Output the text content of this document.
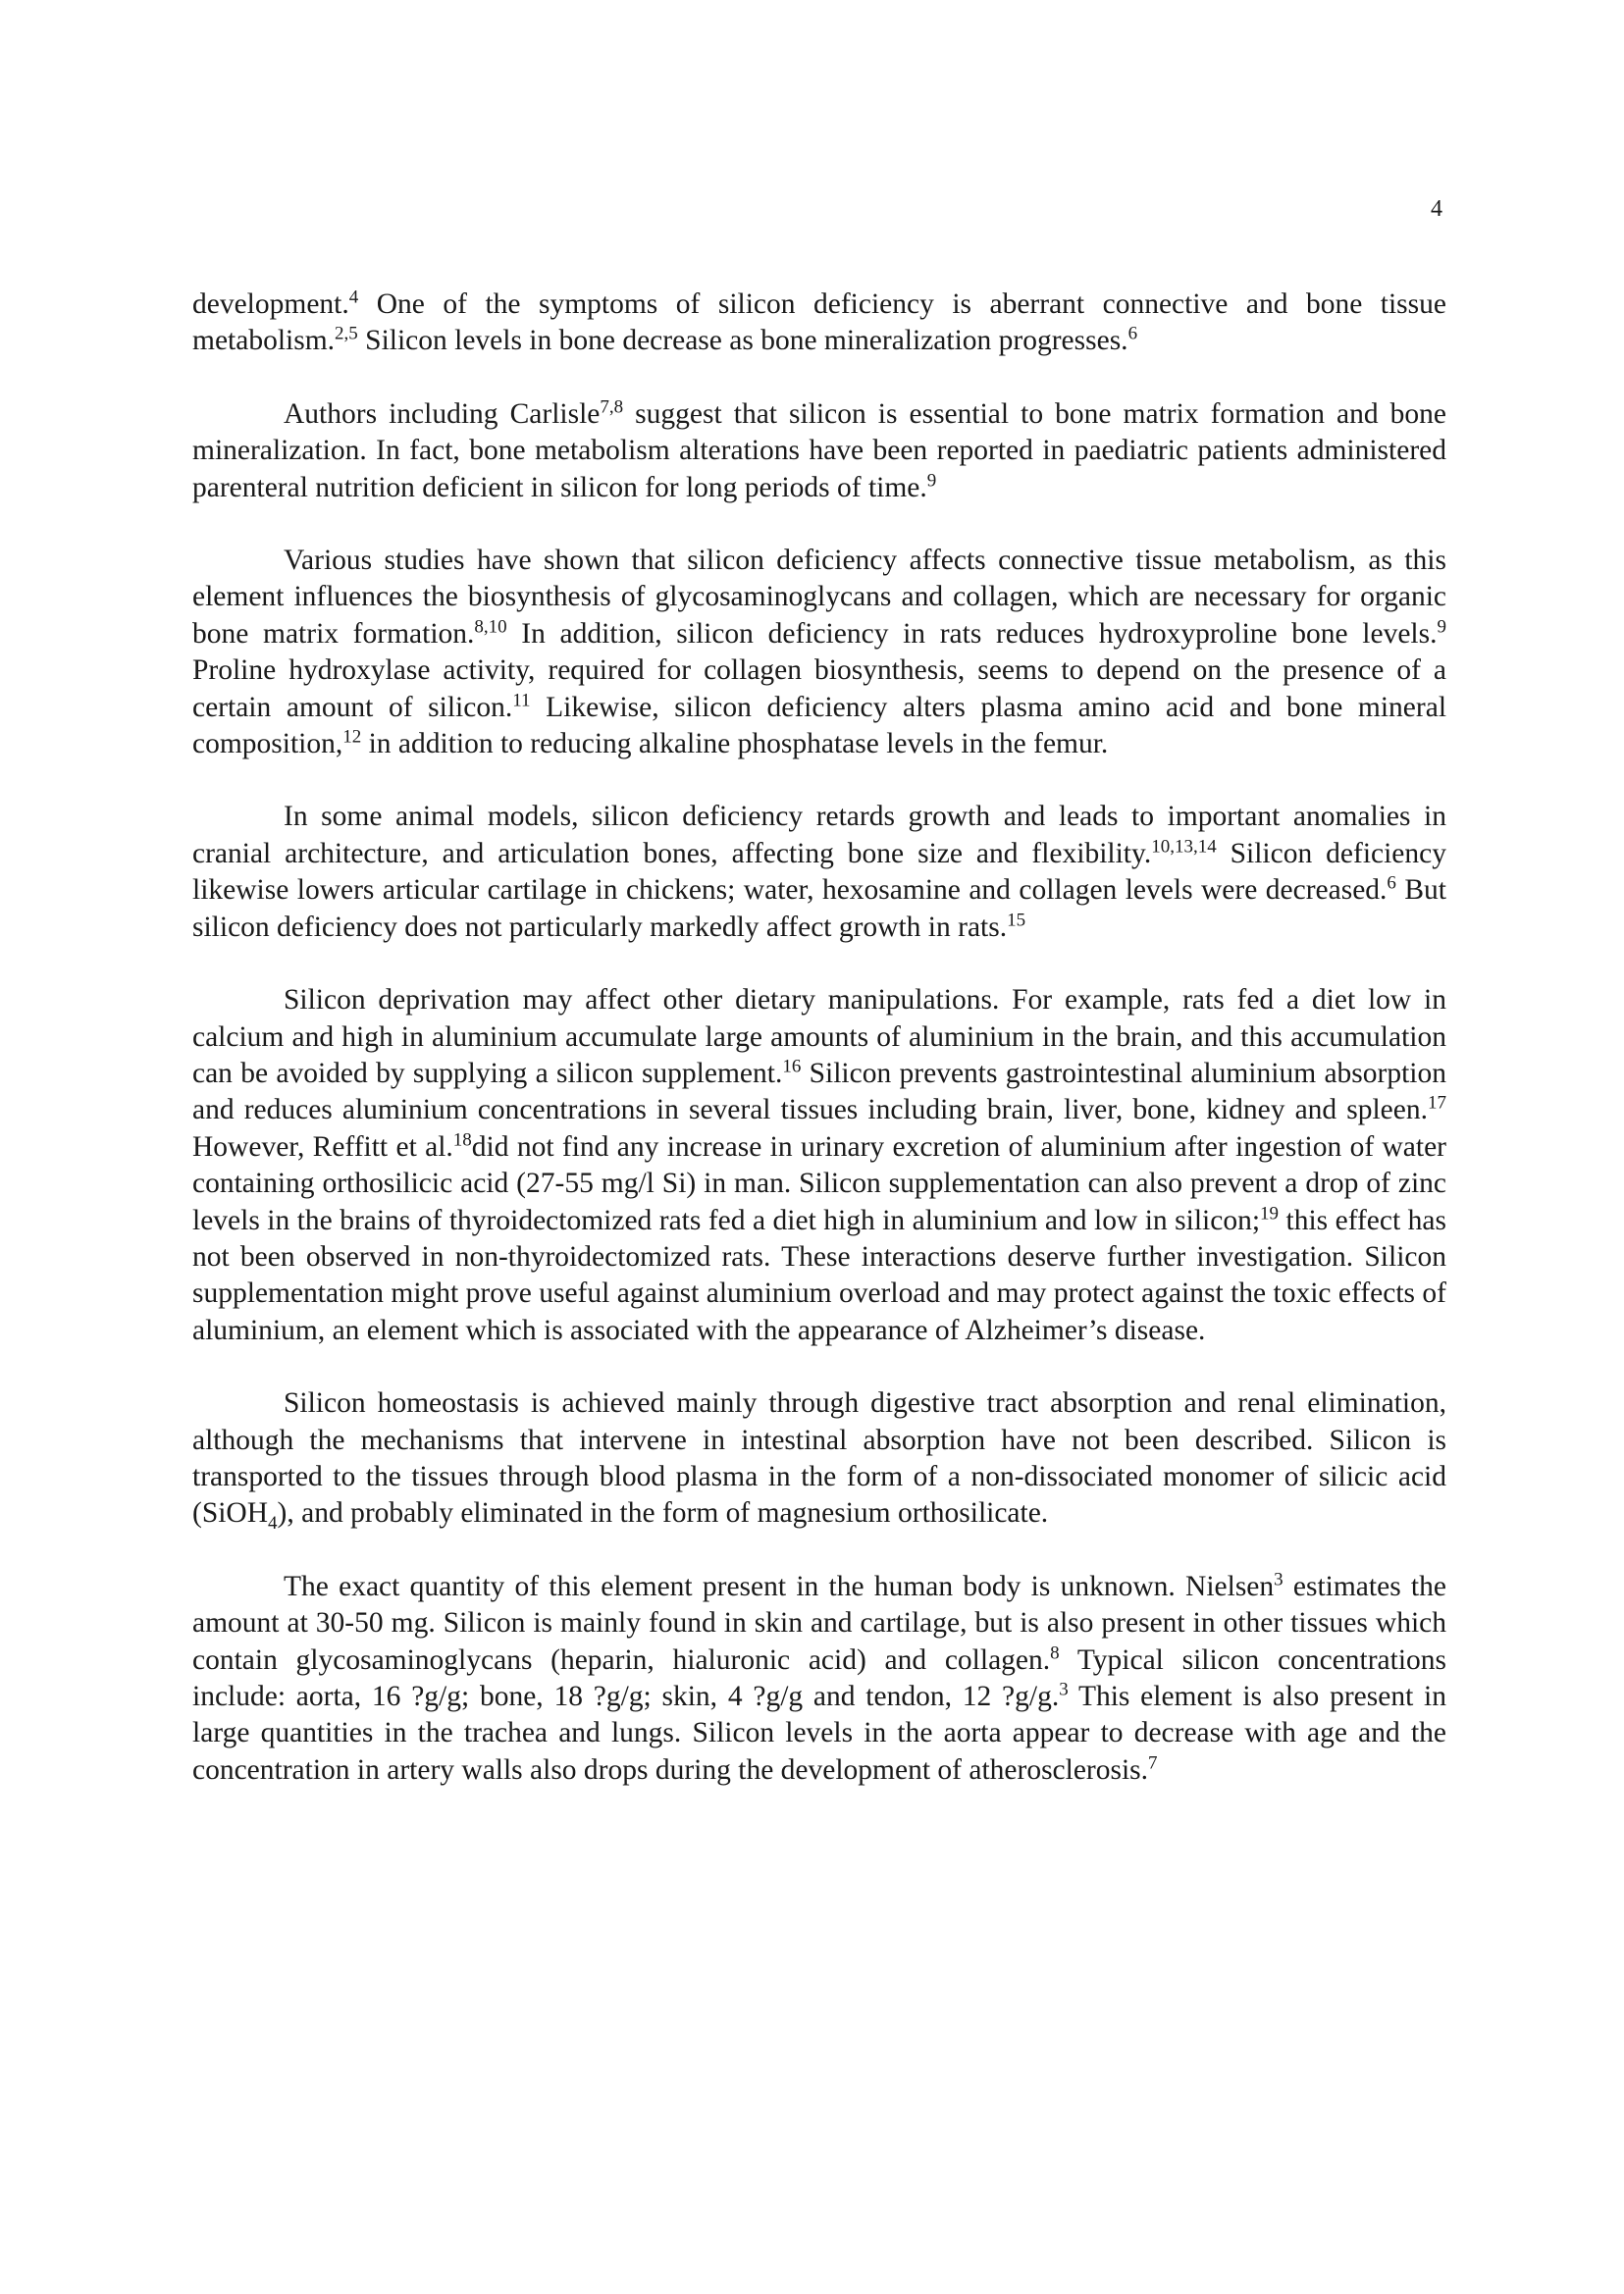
4

development.$^4$ One of the symptoms of silicon deficiency is aberrant connective and bone tissue metabolism.$^{2,5}$ Silicon levels in bone decrease as bone mineralization progresses.$^6$

Authors including Carlisle$^{7,8}$ suggest that silicon is essential to bone matrix formation and bone mineralization. In fact, bone metabolism alterations have been reported in paediatric patients administered parenteral nutrition deficient in silicon for long periods of time.$^9$

Various studies have shown that silicon deficiency affects connective tissue metabolism, as this element influences the biosynthesis of glycosaminoglycans and collagen, which are necessary for organic bone matrix formation.$^{8,10}$ In addition, silicon deficiency in rats reduces hydroxyproline bone levels.$^9$ Proline hydroxylase activity, required for collagen biosynthesis, seems to depend on the presence of a certain amount of silicon.$^{11}$ Likewise, silicon deficiency alters plasma amino acid and bone mineral composition,$^{12}$ in addition to reducing alkaline phosphatase levels in the femur.

In some animal models, silicon deficiency retards growth and leads to important anomalies in cranial architecture, and articulation bones, affecting bone size and flexibility.$^{10,13,14}$ Silicon deficiency likewise lowers articular cartilage in chickens; water, hexosamine and collagen levels were decreased.$^6$ But silicon deficiency does not particularly markedly affect growth in rats.$^{15}$

Silicon deprivation may affect other dietary manipulations. For example, rats fed a diet low in calcium and high in aluminium accumulate large amounts of aluminium in the brain, and this accumulation can be avoided by supplying a silicon supplement.$^{16}$ Silicon prevents gastrointestinal aluminium absorption and reduces aluminium concentrations in several tissues including brain, liver, bone, kidney and spleen.$^{17}$ However, Reffitt et al.$^{18}$did not find any increase in urinary excretion of aluminium after ingestion of water containing orthosilicic acid (27-55 mg/l Si) in man. Silicon supplementation can also prevent a drop of zinc levels in the brains of thyroidectomized rats fed a diet high in aluminium and low in silicon;$^{19}$ this effect has not been observed in non-thyroidectomized rats. These interactions deserve further investigation. Silicon supplementation might prove useful against aluminium overload and may protect against the toxic effects of aluminium, an element which is associated with the appearance of Alzheimer’s disease.

Silicon homeostasis is achieved mainly through digestive tract absorption and renal elimination, although the mechanisms that intervene in intestinal absorption have not been described. Silicon is transported to the tissues through blood plasma in the form of a non-dissociated monomer of silicic acid (SiOH$_4$), and probably eliminated in the form of magnesium orthosilicate.

The exact quantity of this element present in the human body is unknown. Nielsen$^3$ estimates the amount at 30-50 mg. Silicon is mainly found in skin and cartilage, but is also present in other tissues which contain glycosaminoglycans (heparin, hialuronic acid) and collagen.$^8$ Typical silicon concentrations include: aorta, 16 ?g/g; bone, 18 ?g/g; skin, 4 ?g/g and tendon, 12 ?g/g.$^3$ This element is also present in large quantities in the trachea and lungs. Silicon levels in the aorta appear to decrease with age and the concentration in artery walls also drops during the development of atherosclerosis.$^7$
